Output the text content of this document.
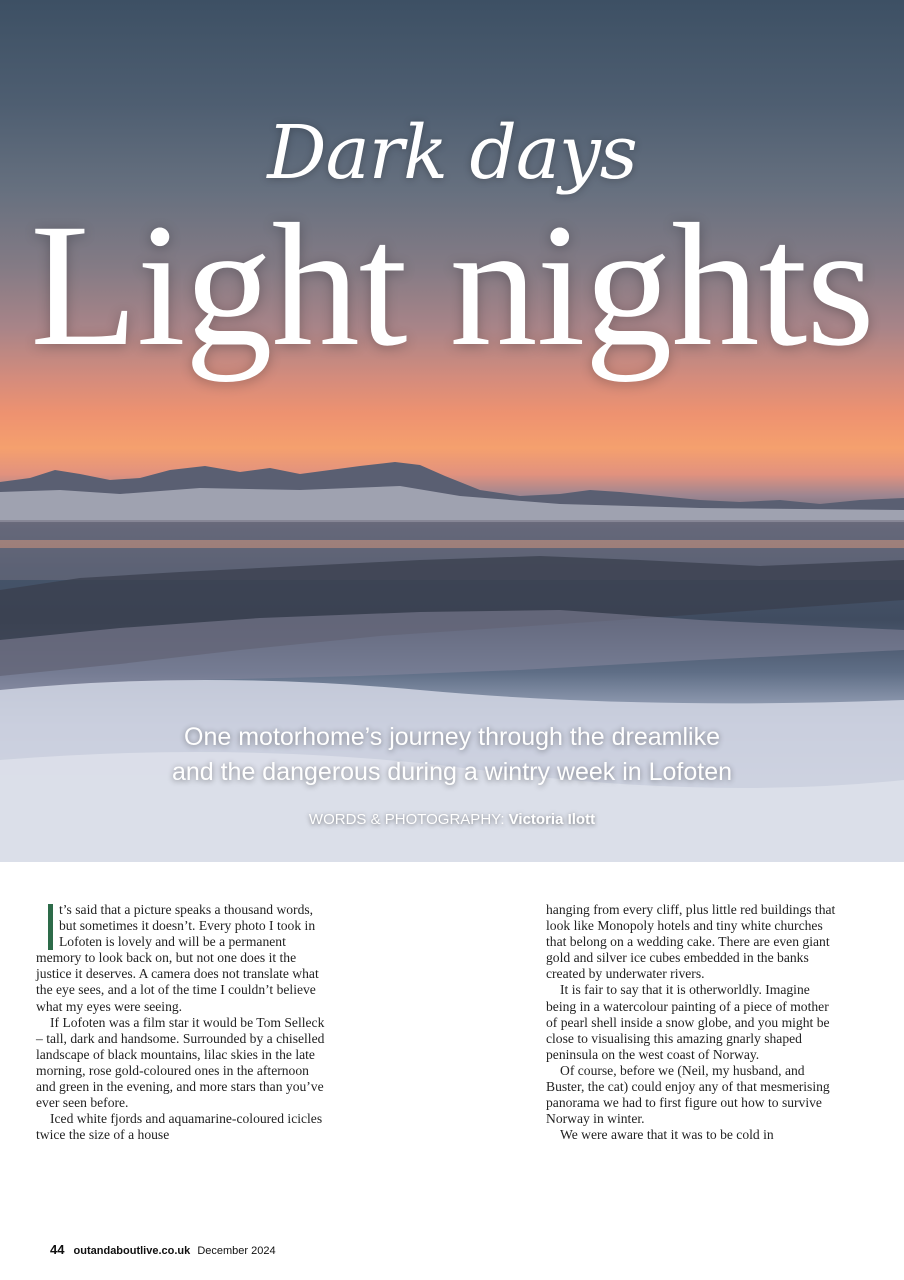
Dark days
Light nights
One motorhome’s journey through the dreamlike
and the dangerous during a wintry week in Lofoten
WORDS & PHOTOGRAPHY: Victoria Ilott

t’s said that a picture speaks a thousand words, but sometimes it doesn’t. Every photo I took in Lofoten is lovely and will be a permanent memory to look back on, but not one does it the justice it deserves. A camera does not translate what the eye sees, and a lot of the time I couldn’t believe what my eyes were seeing.

If Lofoten was a film star it would be Tom Selleck – tall, dark and handsome. Surrounded by a chiselled landscape of black mountains, lilac skies in the late morning, rose gold-coloured ones in the afternoon and green in the evening, and more stars than you’ve ever seen before.

Iced white fjords and aquamarine-coloured icicles twice the size of a house

hanging from every cliff, plus little red buildings that look like Monopoly hotels and tiny white churches that belong on a wedding cake. There are even giant gold and silver ice cubes embedded in the banks created by underwater rivers.

It is fair to say that it is otherworldly. Imagine being in a watercolour painting of a piece of mother of pearl shell inside a snow globe, and you might be close to visualising this amazing gnarly shaped peninsula on the west coast of Norway.

Of course, before we (Neil, my husband, and Buster, the cat) could enjoy any of that mesmerising panorama we had to first figure out how to survive Norway in winter.

We were aware that it was to be cold in

44 outandaboutlive.co.uk December 2024
